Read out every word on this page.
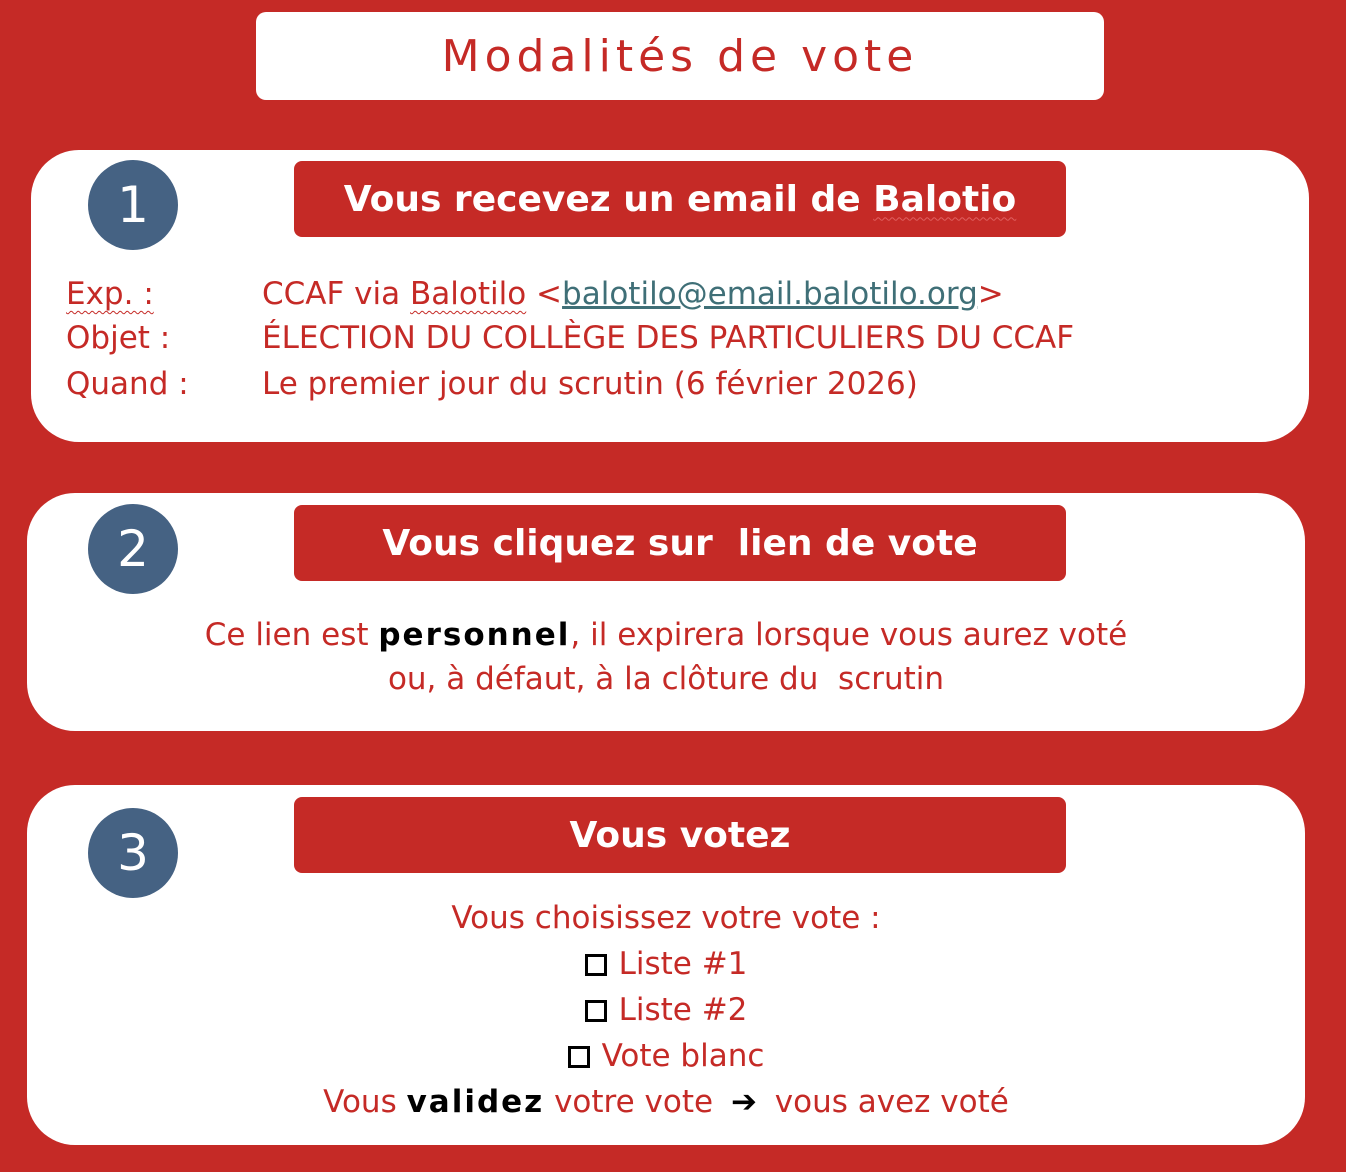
Modalités de vote
1	Vous recevez un email de Balotio
Exp. :	CCAF via Balotilo <balotilo@email.balotilo.org>
Objet :	ÉLECTION DU COLLÈGE DES PARTICULIERS DU CCAF
Quand : Le premier jour du scrutin (6 février 2026)
2	Vous cliquez sur  lien de vote
Ce lien est personnel, il expirera lorsque vous aurez voté
ou, à défaut, à la clôture du  scrutin
3	Vous votez
Vous choisissez votre vote :
Liste #1
Liste #2
Vote blanc
Vous validez votre vote ➔ vous avez voté
